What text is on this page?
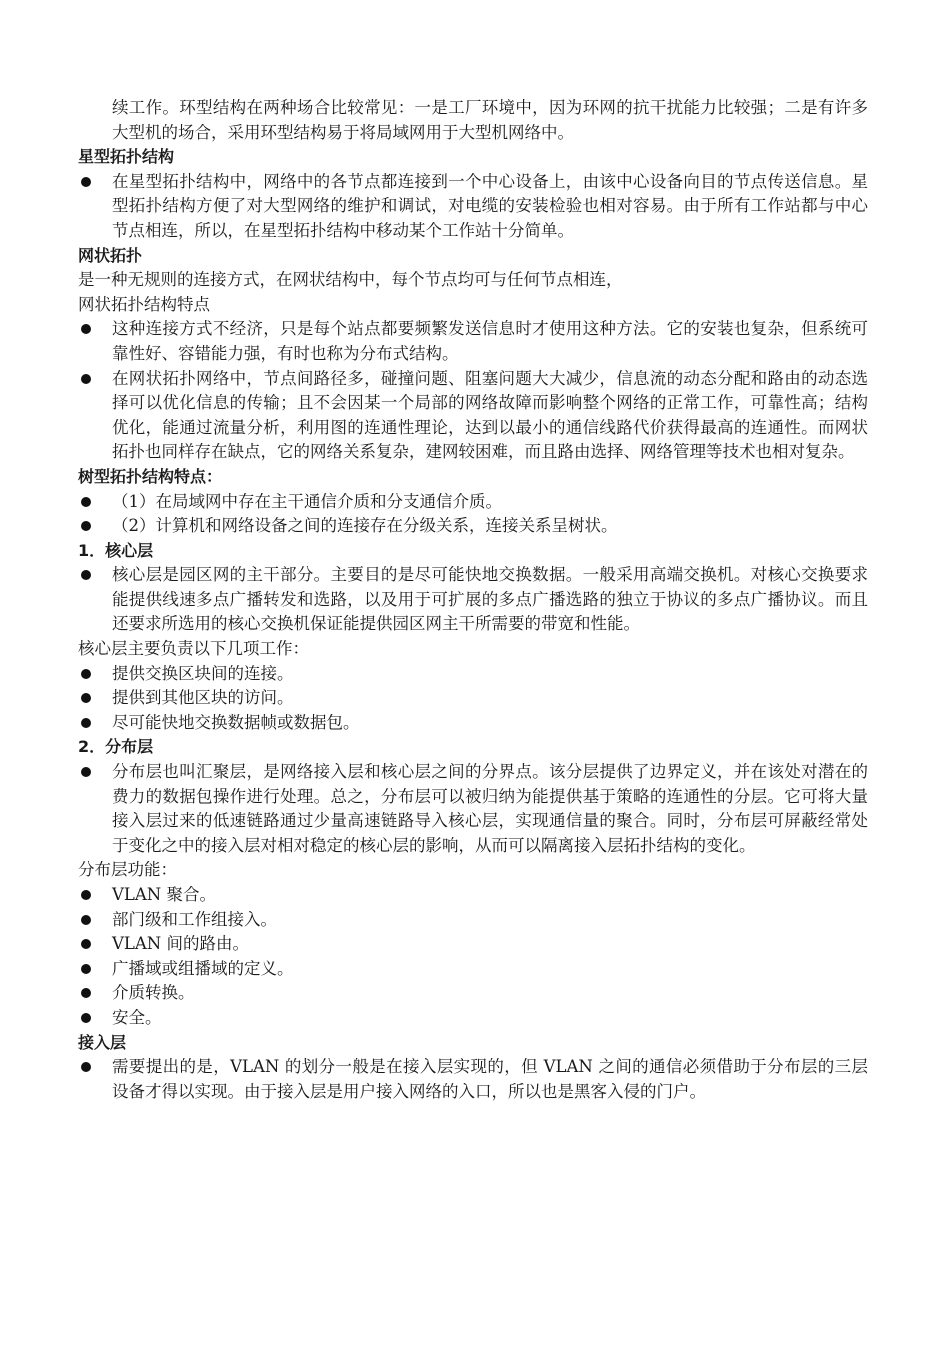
续工作。环型结构在两种场合比较常见：一是工厂环境中，因为环网的抗干扰能力比较强；二是有许多大型机的场合，采用环型结构易于将局域网用于大型机网络中。
星型拓扑结构
在星型拓扑结构中，网络中的各节点都连接到一个中心设备上，由该中心设备向目的节点传送信息。星型拓扑结构方便了对大型网络的维护和调试，对电缆的安装检验也相对容易。由于所有工作站都与中心节点相连，所以，在星型拓扑结构中移动某个工作站十分简单。
网状拓扑
是一种无规则的连接方式，在网状结构中，每个节点均可与任何节点相连，
网状拓扑结构特点
这种连接方式不经济，只是每个站点都要频繁发送信息时才使用这种方法。它的安装也复杂，但系统可靠性好、容错能力强，有时也称为分布式结构。
在网状拓扑网络中，节点间路径多，碰撞问题、阻塞问题大大减少，信息流的动态分配和路由的动态选择可以优化信息的传输；且不会因某一个局部的网络故障而影响整个网络的正常工作，可靠性高；结构优化，能通过流量分析，利用图的连通性理论，达到以最小的通信线路代价获得最高的连通性。而网状拓扑也同样存在缺点，它的网络关系复杂，建网较困难，而且路由选择、网络管理等技术也相对复杂。
树型拓扑结构特点：
（1）在局域网中存在主干通信介质和分支通信介质。
（2）计算机和网络设备之间的连接存在分级关系，连接关系呈树状。
1．核心层
核心层是园区网的主干部分。主要目的是尽可能快地交换数据。一般采用高端交换机。对核心交换要求能提供线速多点广播转发和选路，以及用于可扩展的多点广播选路的独立于协议的多点广播协议。而且还要求所选用的核心交换机保证能提供园区网主干所需要的带宽和性能。
核心层主要负责以下几项工作：
提供交换区块间的连接。
提供到其他区块的访问。
尽可能快地交换数据帧或数据包。
2．分布层
分布层也叫汇聚层，是网络接入层和核心层之间的分界点。该分层提供了边界定义，并在该处对潜在的费力的数据包操作进行处理。总之，分布层可以被归纳为能提供基于策略的连通性的分层。它可将大量接入层过来的低速链路通过少量高速链路导入核心层，实现通信量的聚合。同时，分布层可屏蔽经常处于变化之中的接入层对相对稳定的核心层的影响，从而可以隔离接入层拓扑结构的变化。
分布层功能：
VLAN 聚合。
部门级和工作组接入。
VLAN 间的路由。
广播域或组播域的定义。
介质转换。
安全。
接入层
需要提出的是，VLAN 的划分一般是在接入层实现的，但 VLAN 之间的通信必须借助于分布层的三层设备才得以实现。由于接入层是用户接入网络的入口，所以也是黑客入侵的门户。
